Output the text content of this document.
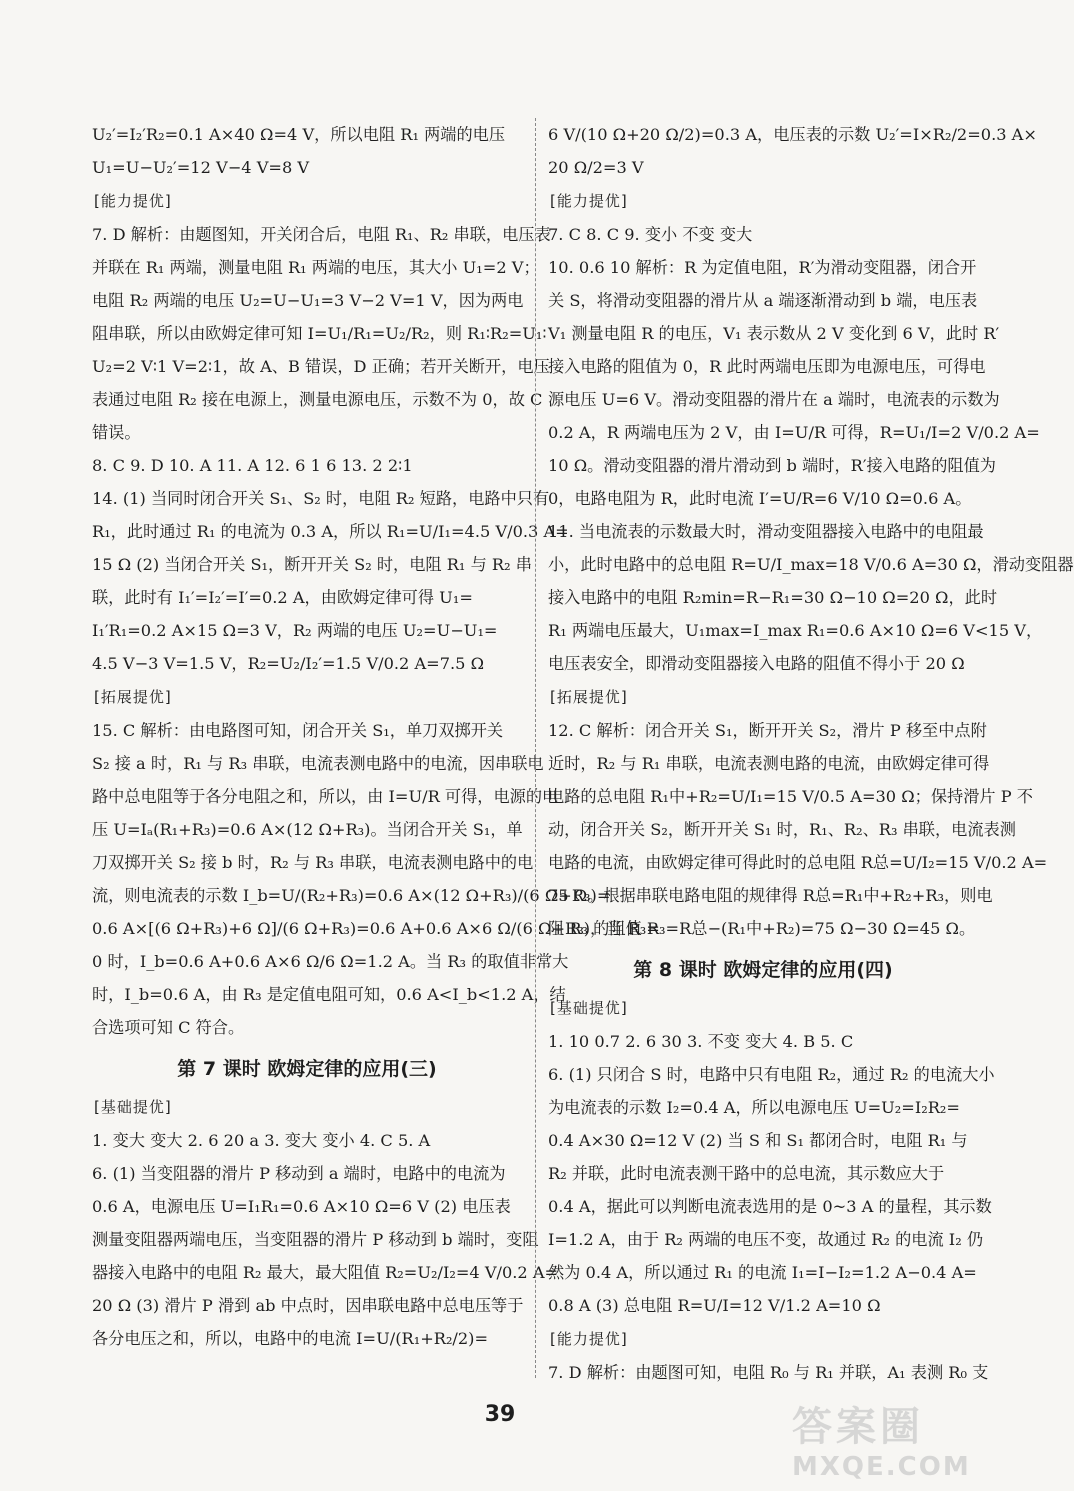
U₂′=I₂′R₂=0.1 A×40 Ω=4 V，所以电阻 R₁ 两端的电压
U₁=U−U₂′=12 V−4 V=8 V
[能力提优]
7. D 解析：由题图知，开关闭合后，电阻 R₁、R₂ 串联，电压表
并联在 R₁ 两端，测量电阻 R₁ 两端的电压，其大小 U₁=2 V；
电阻 R₂ 两端的电压 U₂=U−U₁=3 V−2 V=1 V，因为两电
阻串联，所以由欧姆定律可知 I=U₁/R₁=U₂/R₂，则 R₁∶R₂=U₁∶
U₂=2 V∶1 V=2∶1，故 A、B 错误，D 正确；若开关断开，电压
表通过电阻 R₂ 接在电源上，测量电源电压，示数不为 0，故 C
错误。
8. C 9. D 10. A 11. A 12. 6 1 6 13. 2 2∶1
14. (1) 当同时闭合开关 S₁、S₂ 时，电阻 R₂ 短路，电路中只有
R₁，此时通过 R₁ 的电流为 0.3 A，所以 R₁=U/I₁=4.5 V/0.3 A=
15 Ω (2) 当闭合开关 S₁，断开开关 S₂ 时，电阻 R₁ 与 R₂ 串
联，此时有 I₁′=I₂′=I′=0.2 A，由欧姆定律可得 U₁=
I₁′R₁=0.2 A×15 Ω=3 V，R₂ 两端的电压 U₂=U−U₁=
4.5 V−3 V=1.5 V，R₂=U₂/I₂′=1.5 V/0.2 A=7.5 Ω
[拓展提优]
15. C 解析：由电路图可知，闭合开关 S₁，单刀双掷开关
S₂ 接 a 时，R₁ 与 R₃ 串联，电流表测电路中的电流，因串联电
路中总电阻等于各分电阻之和，所以，由 I=U/R 可得，电源的电
压 U=Iₐ(R₁+R₃)=0.6 A×(12 Ω+R₃)。当闭合开关 S₁，单
刀双掷开关 S₂ 接 b 时，R₂ 与 R₃ 串联，电流表测电路中的电
流，则电流表的示数 I_b=U/(R₂+R₃)=0.6 A×(12 Ω+R₃)/(6 Ω+R₃)=
0.6 A×[(6 Ω+R₃)+6 Ω]/(6 Ω+R₃)=0.6 A+0.6 A×6 Ω/(6 Ω+R₃)，当 R₃=
0 时，I_b=0.6 A+0.6 A×6 Ω/6 Ω=1.2 A。当 R₃ 的取值非常大
时，I_b=0.6 A，由 R₃ 是定值电阻可知，0.6 A<I_b<1.2 A，结
合选项可知 C 符合。
第 7 课时 欧姆定律的应用(三)
[基础提优]
1. 变大 变大 2. 6 20 a 3. 变大 变小 4. C 5. A
6. (1) 当变阻器的滑片 P 移动到 a 端时，电路中的电流为
0.6 A，电源电压 U=I₁R₁=0.6 A×10 Ω=6 V (2) 电压表
测量变阻器两端电压，当变阻器的滑片 P 移动到 b 端时，变阻
器接入电路中的电阻 R₂ 最大，最大阻值 R₂=U₂/I₂=4 V/0.2 A=
20 Ω (3) 滑片 P 滑到 ab 中点时，因串联电路中总电压等于
各分电压之和，所以，电路中的电流 I=U/(R₁+R₂/2)=
6 V/(10 Ω+20 Ω/2)=0.3 A，电压表的示数 U₂′=I×R₂/2=0.3 A×
20 Ω/2=3 V
[能力提优]
7. C 8. C 9. 变小 不变 变大
10. 0.6 10 解析：R 为定值电阻，R′为滑动变阻器，闭合开
关 S，将滑动变阻器的滑片从 a 端逐渐滑动到 b 端，电压表
V₁ 测量电阻 R 的电压，V₁ 表示数从 2 V 变化到 6 V，此时 R′
接入电路的阻值为 0，R 此时两端电压即为电源电压，可得电
源电压 U=6 V。滑动变阻器的滑片在 a 端时，电流表的示数为
0.2 A，R 两端电压为 2 V，由 I=U/R 可得，R=U₁/I=2 V/0.2 A=
10 Ω。滑动变阻器的滑片滑动到 b 端时，R′接入电路的阻值为
0，电路电阻为 R，此时电流 I′=U/R=6 V/10 Ω=0.6 A。
11. 当电流表的示数最大时，滑动变阻器接入电路中的电阻最
小，此时电路中的总电阻 R=U/I_max=18 V/0.6 A=30 Ω，滑动变阻器
接入电路中的电阻 R₂min=R−R₁=30 Ω−10 Ω=20 Ω，此时
R₁ 两端电压最大，U₁max=I_max R₁=0.6 A×10 Ω=6 V<15 V，
电压表安全，即滑动变阻器接入电路的阻值不得小于 20 Ω
[拓展提优]
12. C 解析：闭合开关 S₁，断开开关 S₂，滑片 P 移至中点附
近时，R₂ 与 R₁ 串联，电流表测电路的电流，由欧姆定律可得
电路的总电阻 R₁中+R₂=U/I₁=15 V/0.5 A=30 Ω；保持滑片 P 不
动，闭合开关 S₂，断开开关 S₁ 时，R₁、R₂、R₃ 串联，电流表测
电路的电流，由欧姆定律可得此时的总电阻 R总=U/I₂=15 V/0.2 A=
75 Ω。根据串联电路电阻的规律得 R总=R₁中+R₂+R₃，则电
阻 R₃ 的阻值 R₃=R总−(R₁中+R₂)=75 Ω−30 Ω=45 Ω。
第 8 课时 欧姆定律的应用(四)
[基础提优]
1. 10 0.7 2. 6 30 3. 不变 变大 4. B 5. C
6. (1) 只闭合 S 时，电路中只有电阻 R₂，通过 R₂ 的电流大小
为电流表的示数 I₂=0.4 A，所以电源电压 U=U₂=I₂R₂=
0.4 A×30 Ω=12 V (2) 当 S 和 S₁ 都闭合时，电阻 R₁ 与
R₂ 并联，此时电流表测干路中的总电流，其示数应大于
0.4 A，据此可以判断电流表选用的是 0~3 A 的量程，其示数
I=1.2 A，由于 R₂ 两端的电压不变，故通过 R₂ 的电流 I₂ 仍
然为 0.4 A，所以通过 R₁ 的电流 I₁=I−I₂=1.2 A−0.4 A=
0.8 A (3) 总电阻 R=U/I=12 V/1.2 A=10 Ω
[能力提优]
7. D 解析：由题图可知，电阻 R₀ 与 R₁ 并联，A₁ 表测 R₀ 支
39	答案圈
MXQE.COM
